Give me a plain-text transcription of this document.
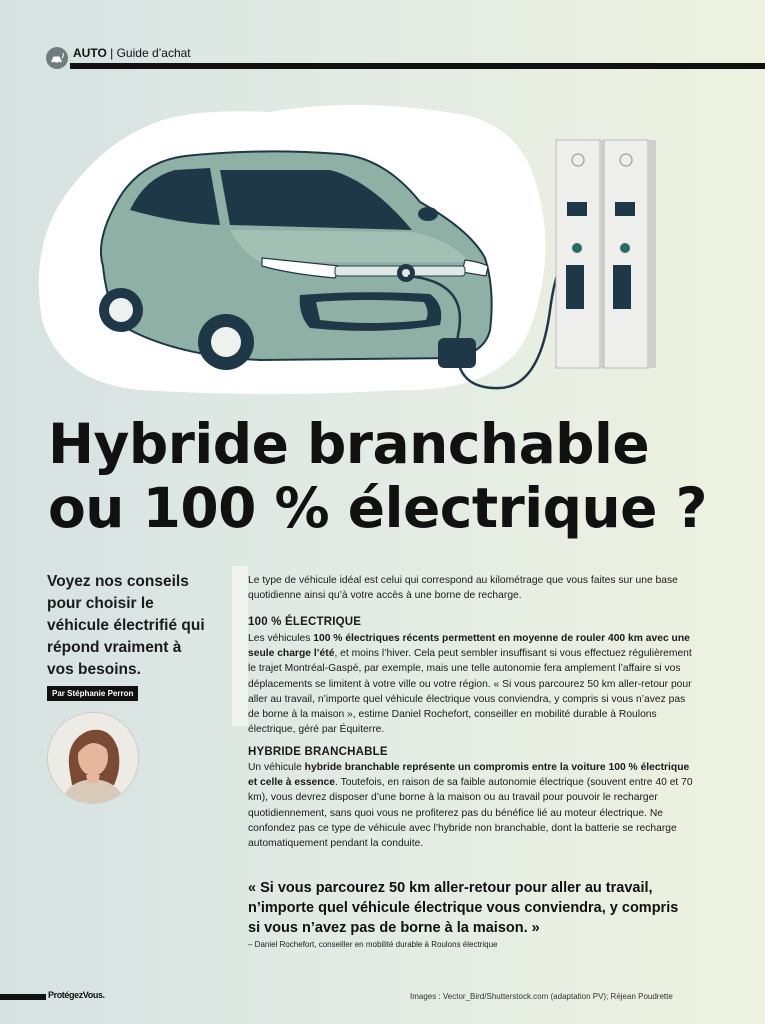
AUTO | Guide d’achat
Hybride branchable
ou 100 % électrique ?
Voyez nos conseils pour choisir le véhicule électrifié qui répond vraiment à vos besoins.
Par Stéphanie Perron

Le type de véhicule idéal est celui qui correspond au kilométrage que vous faites sur une base quotidienne ainsi qu’à votre accès à une borne de recharge.

100 % ÉLECTRIQUE

Les véhicules 100 % électriques récents permettent en moyenne de rouler 400 km avec une seule charge l’été, et moins l’hiver. Cela peut sembler insuffisant si vous effectuez régulièrement le trajet Montréal-Gaspé, par exemple, mais une telle autonomie fera amplement l’affaire si vos déplacements se limitent à votre ville ou votre région. « Si vous parcourez 50 km aller-retour pour aller au travail, n’importe quel véhicule électrique vous conviendra, y compris si vous n’avez pas de borne à la maison », estime Daniel Rochefort, conseiller en mobilité durable à Roulons électrique, géré par Équiterre.

HYBRIDE BRANCHABLE

Un véhicule hybride branchable représente un compromis entre la voiture 100 % électrique et celle à essence. Toutefois, en raison de sa faible autonomie électrique (souvent entre 40 et 70 km), vous devrez disposer d’une borne à la maison ou au travail pour pouvoir le recharger quotidiennement, sans quoi vous ne profiterez pas du bénéfice lié au moteur électrique. Ne confondez pas ce type de véhicule avec l’hybride non branchable, dont la batterie se recharge automatiquement pendant la conduite.

« Si vous parcourez 50 km aller-retour pour aller au travail, n’importe quel véhicule électrique vous conviendra, y compris si vous n’avez pas de borne à la maison. »
– Daniel Rochefort, conseiller en mobilité durable à Roulons électrique
ProtégezVous.	Images : Vector_Bird/Shutterstock.com (adaptation PV); Réjean Poudrette
